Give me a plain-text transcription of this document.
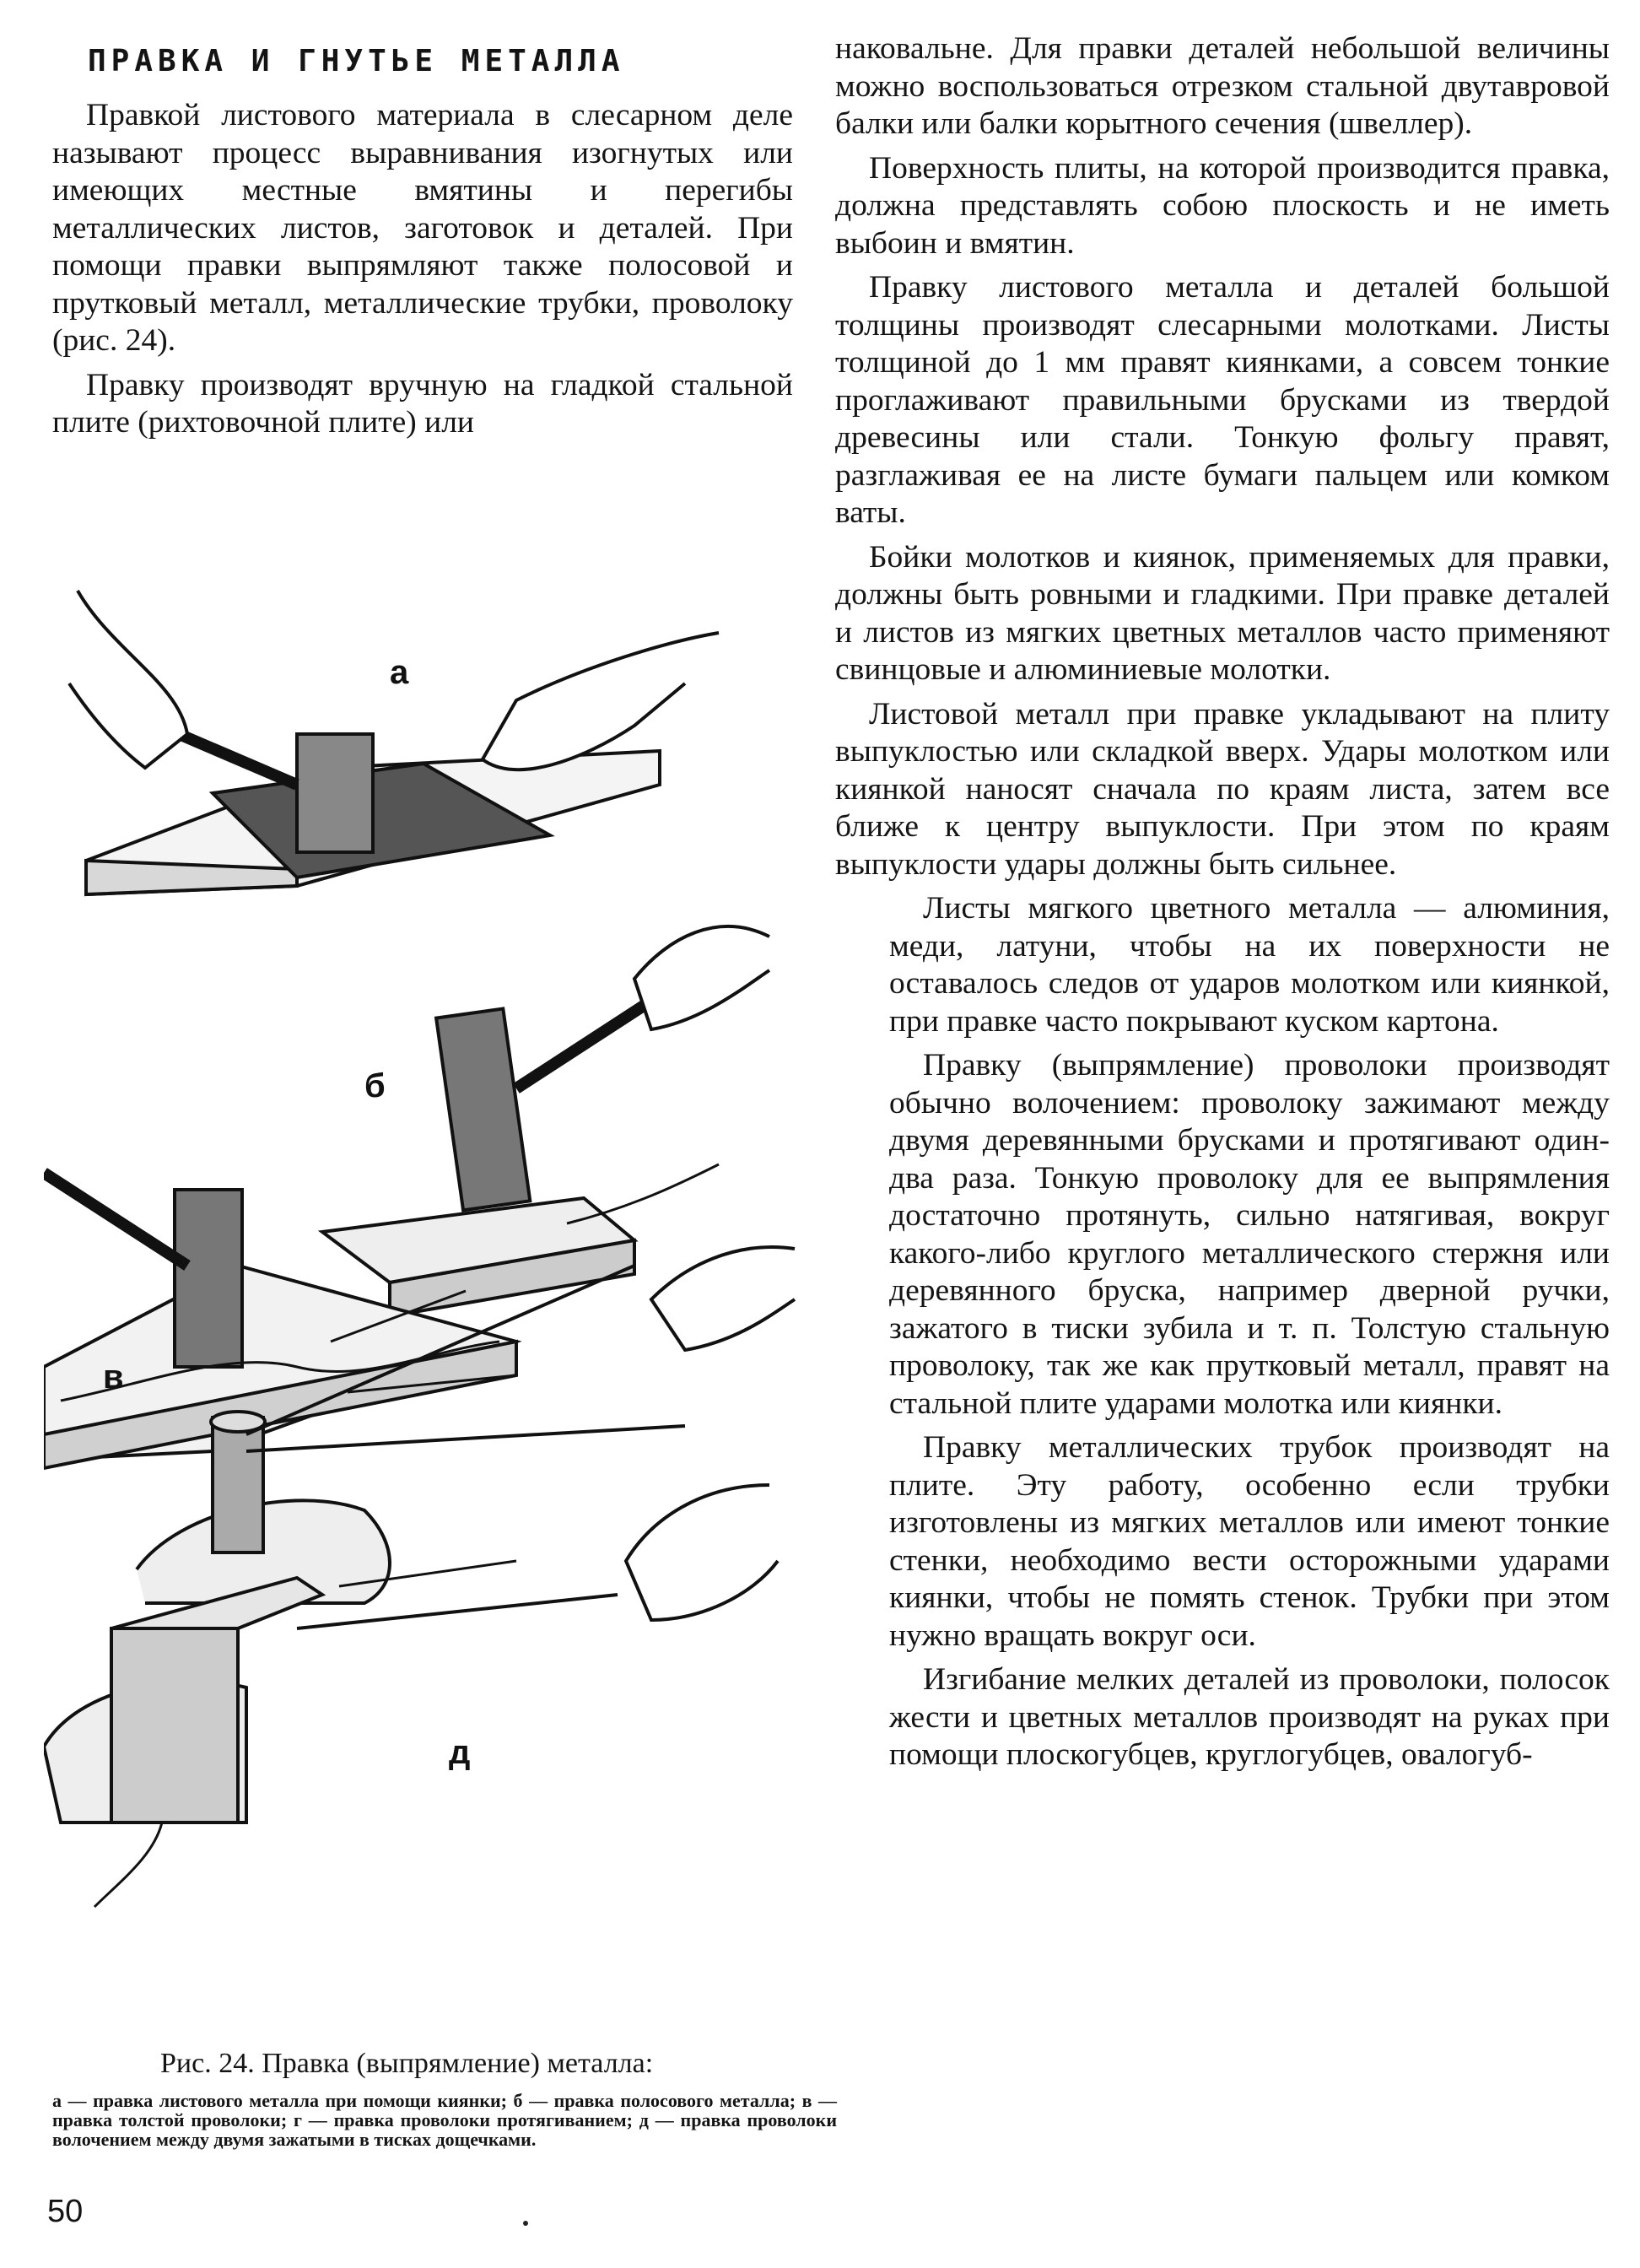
ПРАВКА И ГНУТЬЕ МЕТАЛЛА

Правкой листового материала в слесарном деле называют процесс выравнивания изогнутых или имеющих местные вмятины и перегибы металлических листов, заготовок и деталей. При помощи правки выпрямляют также полосовой и прутковый металл, металлические трубки, проволоку (рис. 24).

Правку производят вручную на гладкой стальной плите (рихтовочной плите) или

а
б
в
д
Рис. 24. Правка (выпрямление) металла:
а — правка листового металла при помощи киянки; б — правка полосового металла; в — правка толстой проволоки; г — правка проволоки протягиванием; д — правка проволоки волочением между двумя зажатыми в тисках дощечками.

наковальне. Для правки деталей небольшой величины можно воспользоваться отрезком стальной двутавровой балки или балки корытного сечения (швеллер).

Поверхность плиты, на которой производится правка, должна представлять собою плоскость и не иметь выбоин и вмятин.

Правку листового металла и деталей большой толщины производят слесарными молотками. Листы толщиной до 1 мм правят киянками, а совсем тонкие проглаживают правильными брусками из твердой древесины или стали. Тонкую фольгу правят, разглаживая ее на листе бумаги пальцем или комком ваты.

Бойки молотков и киянок, применяемых для правки, должны быть ровными и гладкими. При правке деталей и листов из мягких цветных металлов часто применяют свинцовые и алюминиевые молотки.

Листовой металл при правке укладывают на плиту выпуклостью или складкой вверх. Удары молотком или киянкой наносят сначала по краям листа, затем все ближе к центру выпуклости. При этом по краям выпуклости удары должны быть сильнее.

Листы мягкого цветного металла — алюминия, меди, латуни, чтобы на их поверхности не оставалось следов от ударов молотком или киянкой, при правке часто покрывают куском картона.

Правку (выпрямление) проволоки производят обычно волочением: проволоку зажимают между двумя деревянными брусками и протягивают один-два раза. Тонкую проволоку для ее выпрямления достаточно протянуть, сильно натягивая, вокруг какого-либо круглого металлического стержня или деревянного бруска, например дверной ручки, зажатого в тиски зубила и т. п. Толстую стальную проволоку, так же как прутковый металл, правят на стальной плите ударами молотка или киянки.

Правку металлических трубок производят на плите. Эту работу, особенно если трубки изготовлены из мягких металлов или имеют тонкие стенки, необходимо вести осторожными ударами киянки, чтобы не помять стенок. Трубки при этом нужно вращать вокруг оси.

Изгибание мелких деталей из проволоки, полосок жести и цветных металлов производят на руках при помощи плоскогубцев, круглогубцев, овалогуб-

50
